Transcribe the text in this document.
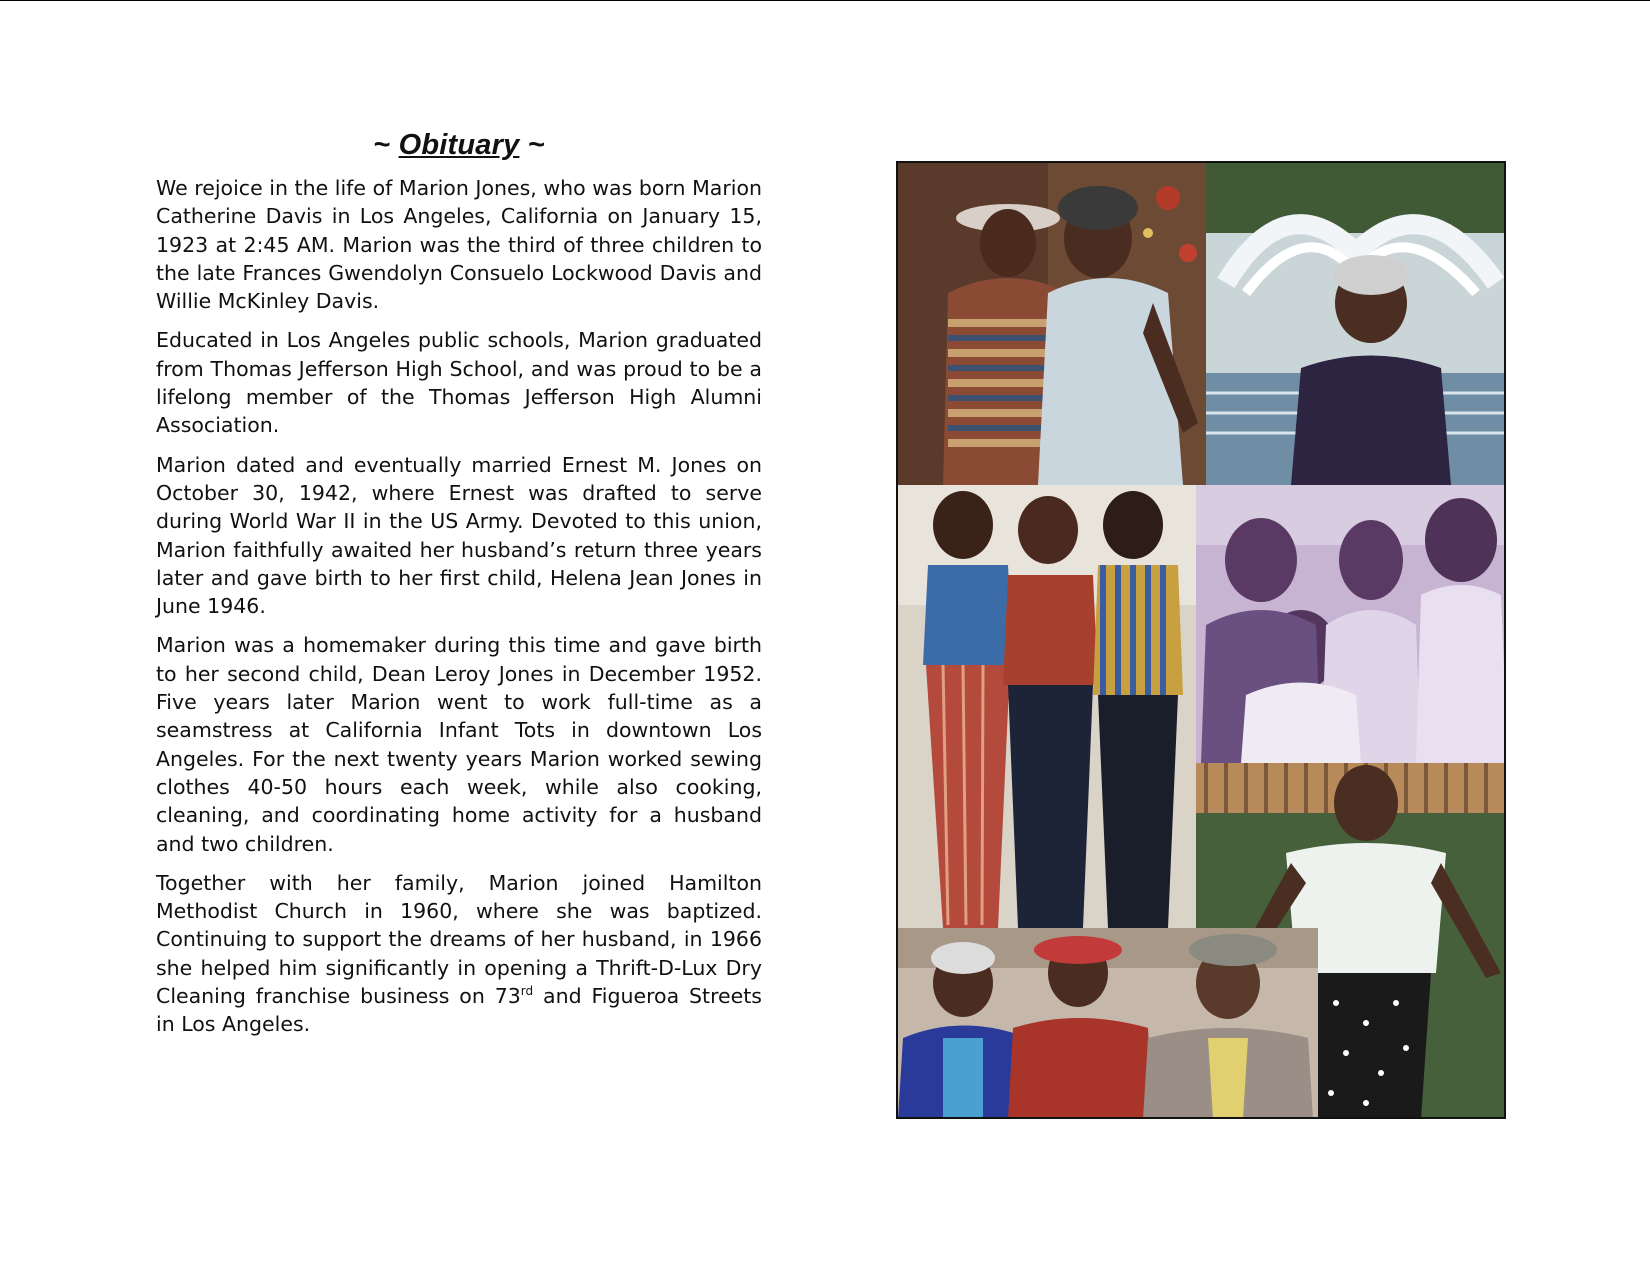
~ Obituary ~

We rejoice in the life of Marion Jones, who was born Marion Catherine Davis in Los Angeles, California on January 15, 1923 at 2:45 AM. Marion was the third of three children to the late Frances Gwendolyn Consuelo Lockwood Davis and Willie McKinley Davis.

Educated in Los Angeles public schools, Marion graduated from Thomas Jefferson High School, and was proud to be a lifelong member of the Thomas Jefferson High Alumni Association.

Marion dated and eventually married Ernest M. Jones on October 30, 1942, where Ernest was drafted to serve during World War II in the US Army. Devoted to this union, Marion faithfully awaited her husband’s return three years later and gave birth to her first child, Helena Jean Jones in June 1946.

Marion was a homemaker during this time and gave birth to her second child, Dean Leroy Jones in December 1952. Five years later Marion went to work full-time as a seamstress at California Infant Tots in downtown Los Angeles. For the next twenty years Marion worked sewing clothes 40-50 hours each week, while also cooking, cleaning, and coordinating home activity for a husband and two children.

Together with her family, Marion joined Hamilton Methodist Church in 1960, where she was baptized. Continuing to support the dreams of her husband, in 1966 she helped him significantly in opening a Thrift-D-Lux Dry Cleaning franchise business on 73rd and Figueroa Streets in Los Angeles.
